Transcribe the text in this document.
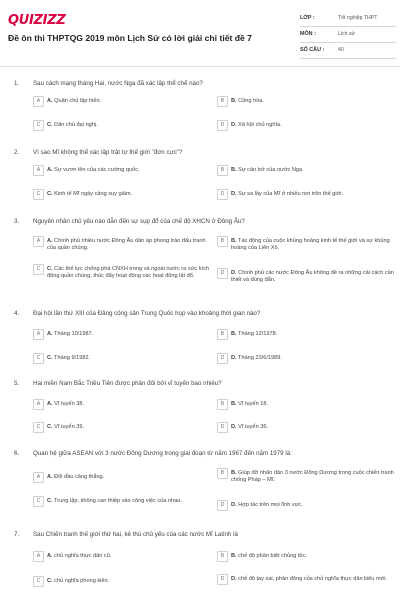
QUIZIZZ
Đề ôn thi THPTQG 2019 môn Lịch Sử có lời giải chi tiết đề 7
LỚP :	Tốt nghiệp THPT
MÔN :	Lịch sử
SỐ CÂU :	40
1. Sau cách mạng tháng Hai, nước Nga đã xác lập thể chế nào?
A	A. Quân chủ lập hiến.	B	B. Cộng hòa.
C	C. Dân chủ đại nghị.	D	D. Xã hội chủ nghĩa.
2. Vì sao Mĩ không thể xác lập trật tự thế giới "đơn cực"?
A	A. Sự vươn lên của các cường quốc.	B	B. Sự cản trở của nước Nga.
C	C. Kinh tế Mĩ ngày càng suy giảm.	D	D. Sự sa lầy của Mĩ ở nhiều nơi trên thế giới.
3. Nguyên nhân chủ yếu nào dẫn đến sự sụp đổ của chế độ XHCN ở Đông Âu?
A	A. Chính phủ nhiều nước Đông Âu dần áp phong trào đấu tranh của quần chúng.
B	B. Tác động của cuộc khủng hoảng kinh tế thế giới và sự khủng hoảng của Liên Xô.
C	C. Các thế lực chống phá CNXH trong và ngoài nước ra sức kích động quần chúng, thúc đẩy hoạt động các hoạt động lật đổ.	D	D. Chính phủ các nước Đông Âu không đề ra những cải cách cần thiết và đúng đắn.
4. Đại hội lần thứ XIII của Đảng cộng sản Trung Quốc họp vào khoảng thời gian nào?
A	A. Tháng 10/1987.	B	B. Tháng 12/1978.
C	C. Tháng 9/1982.	D	D. Tháng 23/6/1989.
5. Hai miền Nam Bắc Triều Tiên được phân đôi bởi vĩ tuyến bao nhiêu?
A	A. Vĩ tuyến 38.	B	B. Vĩ tuyến 18.
C	C. Vĩ tuyến 39.	D	D. Vĩ tuyến 36.
6. Quan hệ giữa ASEAN với 3 nước Đông Dương trong giai đoạn từ năm 1967 đến năm 1979 là:
A	A. Đối đầu căng thẳng.
B	B. Giúp đỡ nhân dân 3 nước Đông Dương trong cuộc chiến tranh chống Pháp – Mĩ.
C	C. Trung lập, không can thiệp vào công việc của nhau.
D	D. Hợp tác trên mọi lĩnh vực.
7. Sau Chiến tranh thế giới thứ hai, kẻ thù chủ yếu của các nước Mĩ Latinh là
A	A. chủ nghĩa thực dân cũ.	B	B. chế độ phân biệt chủng tộc.
C	C. chủ nghĩa phong kiến.	D	D. chế độ tay sai, phản động của chủ nghĩa thực dân kiểu mới.
